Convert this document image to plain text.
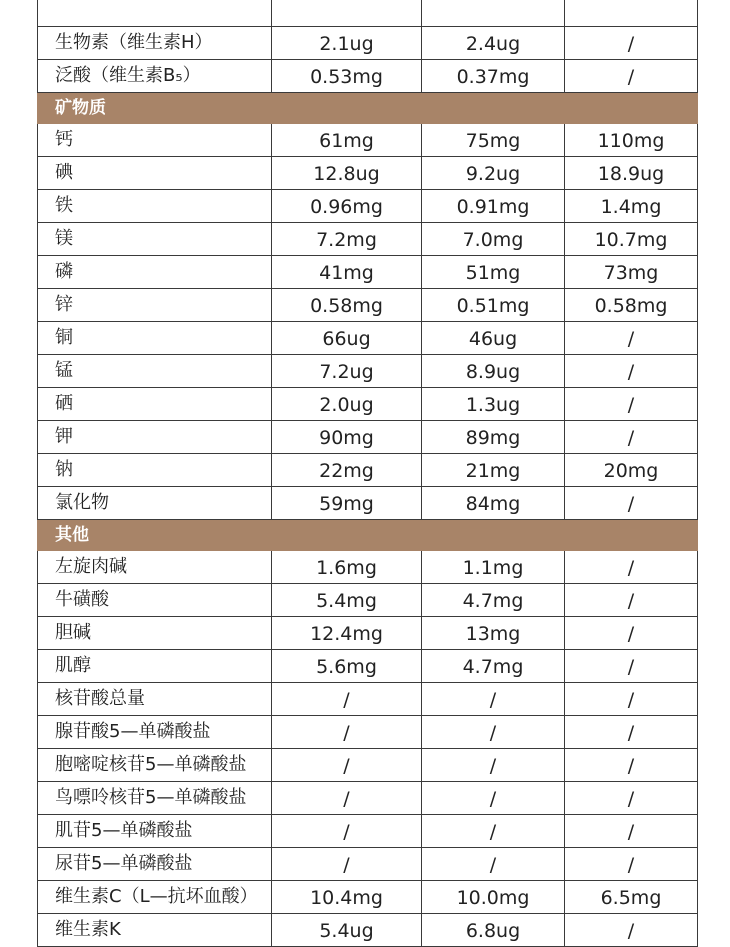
生物素（维生素H）	2.1ug	2.4ug	/
泛酸（维生素B₅）	0.53mg	0.37mg	/
矿物质			
钙	61mg	75mg	110mg
碘	12.8ug	9.2ug	18.9ug
铁	0.96mg	0.91mg	1.4mg
镁	7.2mg	7.0mg	10.7mg
磷	41mg	51mg	73mg
锌	0.58mg	0.51mg	0.58mg
铜	66ug	46ug	/
锰	7.2ug	8.9ug	/
硒	2.0ug	1.3ug	/
钾	90mg	89mg	/
钠	22mg	21mg	20mg
氯化物	59mg	84mg	/
其他			
左旋肉碱	1.6mg	1.1mg	/
牛磺酸	5.4mg	4.7mg	/
胆碱	12.4mg	13mg	/
肌醇	5.6mg	4.7mg	/
核苷酸总量	/	/	/
腺苷酸5—单磷酸盐	/	/	/
胞嘧啶核苷5—单磷酸盐	/	/	/
鸟嘌呤核苷5—单磷酸盐	/	/	/
肌苷5—单磷酸盐	/	/	/
尿苷5—单磷酸盐	/	/	/
维生素C（L—抗坏血酸）	10.4mg	10.0mg	6.5mg
维生素K	5.4ug	6.8ug	/
